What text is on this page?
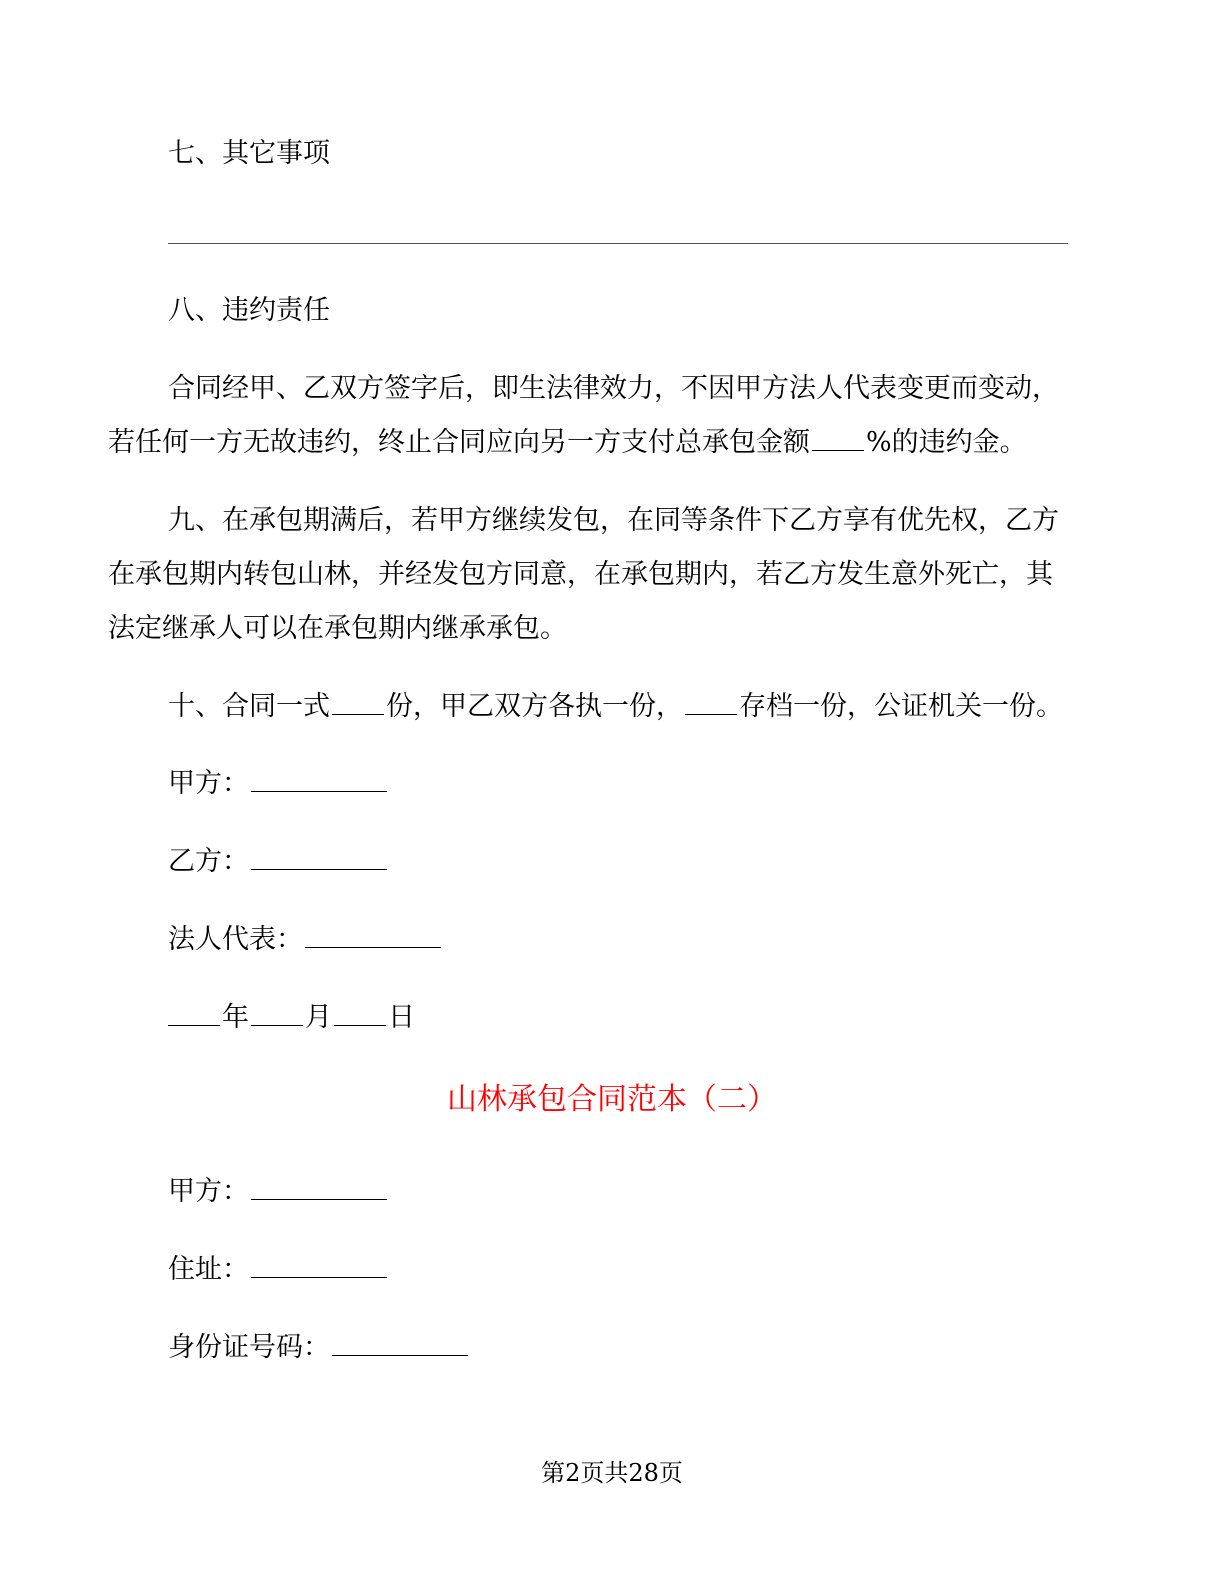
七、其它事项
八、违约责任
合同经甲、乙双方签字后，即生法律效力，不因甲方法人代表变更而变动，
若任何一方无故违约，终止合同应向另一方支付总承包金额 %的违约金。
九、在承包期满后，若甲方继续发包，在同等条件下乙方享有优先权，乙方
在承包期内转包山林，并经发包方同意，在承包期内，若乙方发生意外死亡，其
法定继承人可以在承包期内继承承包。
十、合同一式 份，甲乙双方各执一份， 存档一份，公证机关一份。
甲方：
乙方：
法人代表：
年 月 日
山林承包合同范本（二）
甲方：
住址：
身份证号码：
第2页共28页
